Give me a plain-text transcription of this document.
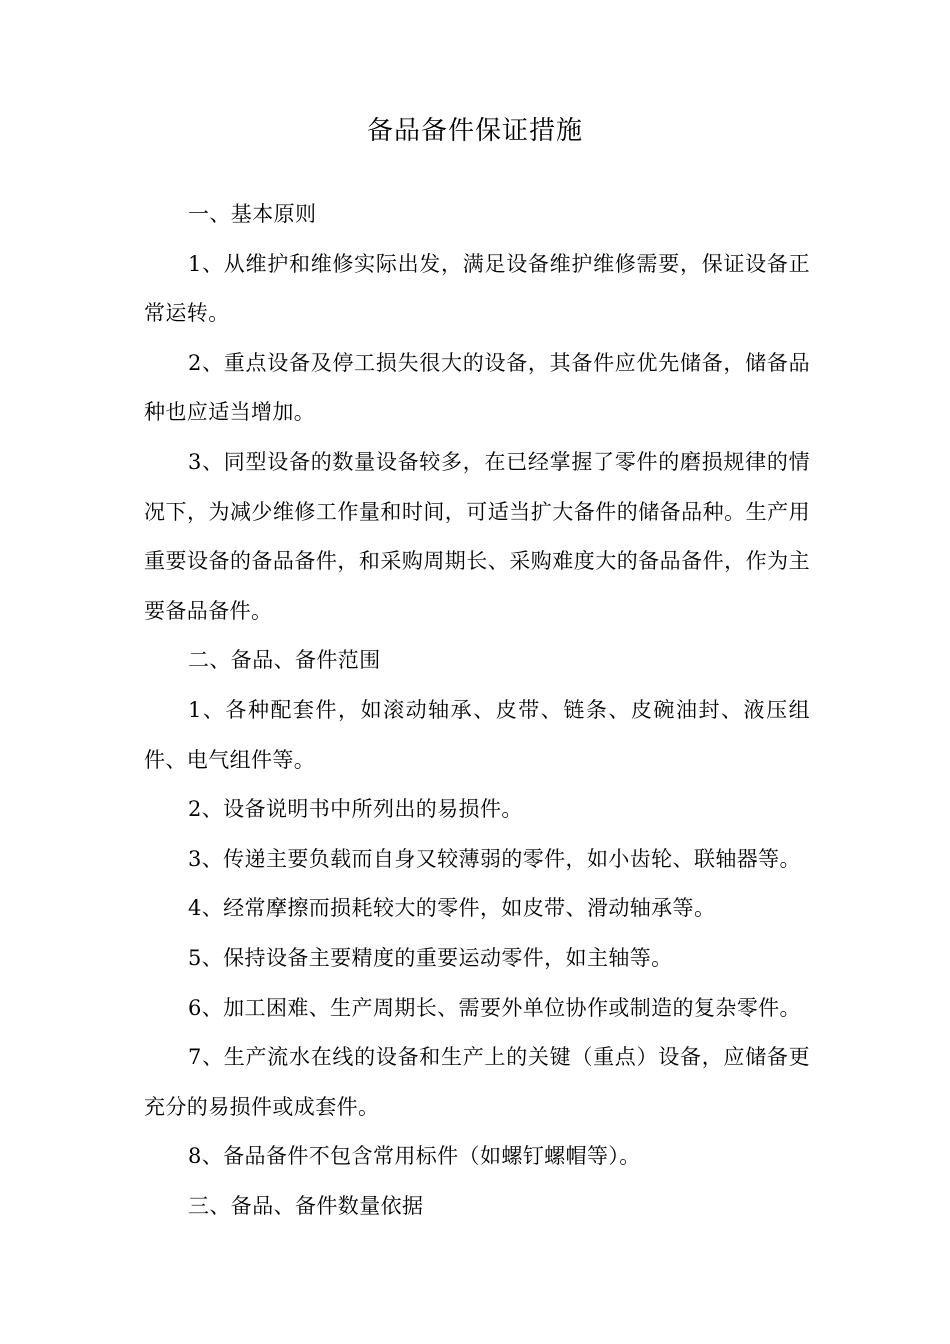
备品备件保证措施

一、基本原则

1、从维护和维修实际出发，满足设备维护维修需要，保证设备正常运转。

2、重点设备及停工损失很大的设备，其备件应优先储备，储备品种也应适当增加。

3、同型设备的数量设备较多，在已经掌握了零件的磨损规律的情况下，为减少维修工作量和时间，可适当扩大备件的储备品种。生产用重要设备的备品备件，和采购周期长、采购难度大的备品备件，作为主要备品备件。

二、备品、备件范围

1、各种配套件，如滚动轴承、皮带、链条、皮碗油封、液压组件、电气组件等。

2、设备说明书中所列出的易损件。

3、传递主要负载而自身又较薄弱的零件，如小齿轮、联轴器等。

4、经常摩擦而损耗较大的零件，如皮带、滑动轴承等。

5、保持设备主要精度的重要运动零件，如主轴等。

6、加工困难、生产周期长、需要外单位协作或制造的复杂零件。

7、生产流水在线的设备和生产上的关键（重点）设备，应储备更充分的易损件或成套件。

8、备品备件不包含常用标件（如螺钉螺帽等）。

三、备品、备件数量依据
